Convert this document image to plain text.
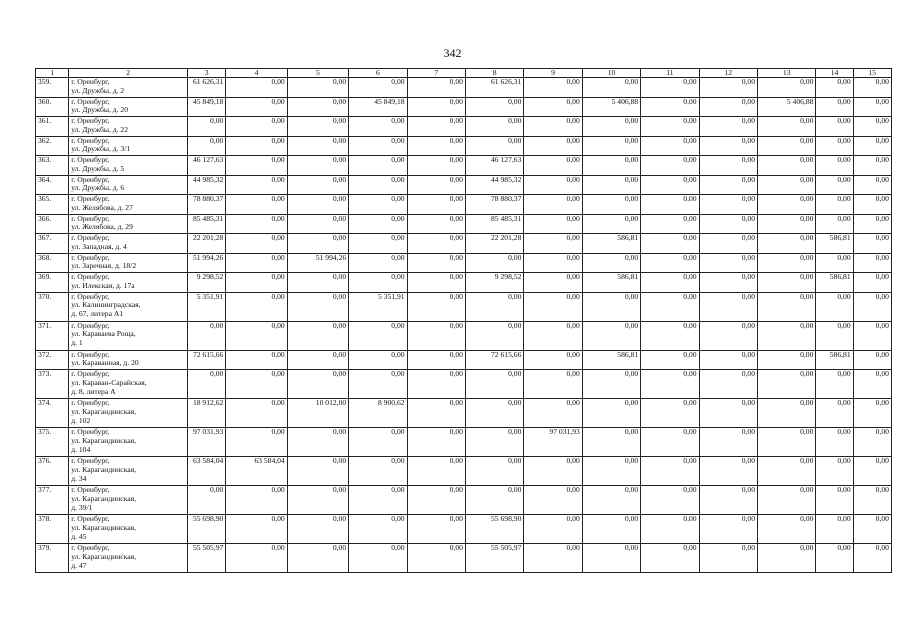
342
1	2	3	4	5	6	7	8	9	10	11	12	13	14	15
359.	г. Оренбург,
ул. Дружбы, д. 2	61 626,31	0,00	0,00	0,00	0,00	61 626,31	0,00	0,00	0,00	0,00	0,00	0,00	0,00
360.	г. Оренбург,
ул. Дружбы, д. 20	45 849,18	0,00	0,00	45 849,18	0,00	0,00	0,00	5 406,88	0,00	0,00	5 406,88	0,00	0,00
361.	г. Оренбург,
ул. Дружбы, д. 22	0,00	0,00	0,00	0,00	0,00	0,00	0,00	0,00	0,00	0,00	0,00	0,00	0,00
362.	г. Оренбург,
ул. Дружбы, д. 3/1	0,00	0,00	0,00	0,00	0,00	0,00	0,00	0,00	0,00	0,00	0,00	0,00	0,00
363.	г. Оренбург,
ул. Дружбы, д. 5	46 127,63	0,00	0,00	0,00	0,00	46 127,63	0,00	0,00	0,00	0,00	0,00	0,00	0,00
364.	г. Оренбург,
ул. Дружбы, д. 6	44 985,32	0,00	0,00	0,00	0,00	44 985,32	0,00	0,00	0,00	0,00	0,00	0,00	0,00
365.	г. Оренбург,
ул. Желябова, д. 27	78 880,37	0,00	0,00	0,00	0,00	78 880,37	0,00	0,00	0,00	0,00	0,00	0,00	0,00
366.	г. Оренбург,
ул. Желябова, д. 29	85 485,31	0,00	0,00	0,00	0,00	85 485,31	0,00	0,00	0,00	0,00	0,00	0,00	0,00
367.	г. Оренбург,
ул. Западная, д. 4	22 201,28	0,00	0,00	0,00	0,00	22 201,28	0,00	586,81	0,00	0,00	0,00	586,81	0,00
368.	г. Оренбург,
ул. Заречная, д. 18/2	51 994,26	0,00	51 994,26	0,00	0,00	0,00	0,00	0,00	0,00	0,00	0,00	0,00	0,00
369.	г. Оренбург,
ул. Илекская, д. 17а	9 298,52	0,00	0,00	0,00	0,00	9 298,52	0,00	586,81	0,00	0,00	0,00	586,81	0,00
370.	г. Оренбург,
ул. Калининградская,
д. 67, литера А1	5 351,91	0,00	0,00	5 351,91	0,00	0,00	0,00	0,00	0,00	0,00	0,00	0,00	0,00
371.	г. Оренбург,
ул. Караваева Роща,
д. 1	0,00	0,00	0,00	0,00	0,00	0,00	0,00	0,00	0,00	0,00	0,00	0,00	0,00
372.	г. Оренбург,
ул. Караванная, д. 20	72 615,66	0,00	0,00	0,00	0,00	72 615,66	0,00	586,81	0,00	0,00	0,00	586,81	0,00
373.	г. Оренбург,
ул. Караван-Сарайская,
д. 8, литера А	0,00	0,00	0,00	0,00	0,00	0,00	0,00	0,00	0,00	0,00	0,00	0,00	0,00
374.	г. Оренбург,
ул. Карагандинская,
д. 102	18 912,62	0,00	10 012,00	8 900,62	0,00	0,00	0,00	0,00	0,00	0,00	0,00	0,00	0,00
375.	г. Оренбург,
ул. Карагандинская,
д. 104	97 031,93	0,00	0,00	0,00	0,00	0,00	97 031,93	0,00	0,00	0,00	0,00	0,00	0,00
376.	г. Оренбург,
ул. Карагандинская,
д. 34	63 584,04	63 584,04	0,00	0,00	0,00	0,00	0,00	0,00	0,00	0,00	0,00	0,00	0,00
377.	г. Оренбург,
ул. Карагандинская,
д. 39/1	0,00	0,00	0,00	0,00	0,00	0,00	0,00	0,00	0,00	0,00	0,00	0,00	0,00
378.	г. Оренбург,
ул. Карагандинская,
д. 45	55 698,90	0,00	0,00	0,00	0,00	55 698,90	0,00	0,00	0,00	0,00	0,00	0,00	0,00
379.	г. Оренбург,
ул. Карагандинская,
д. 47	55 505,97	0,00	0,00	0,00	0,00	55 505,97	0,00	0,00	0,00	0,00	0,00	0,00	0,00
